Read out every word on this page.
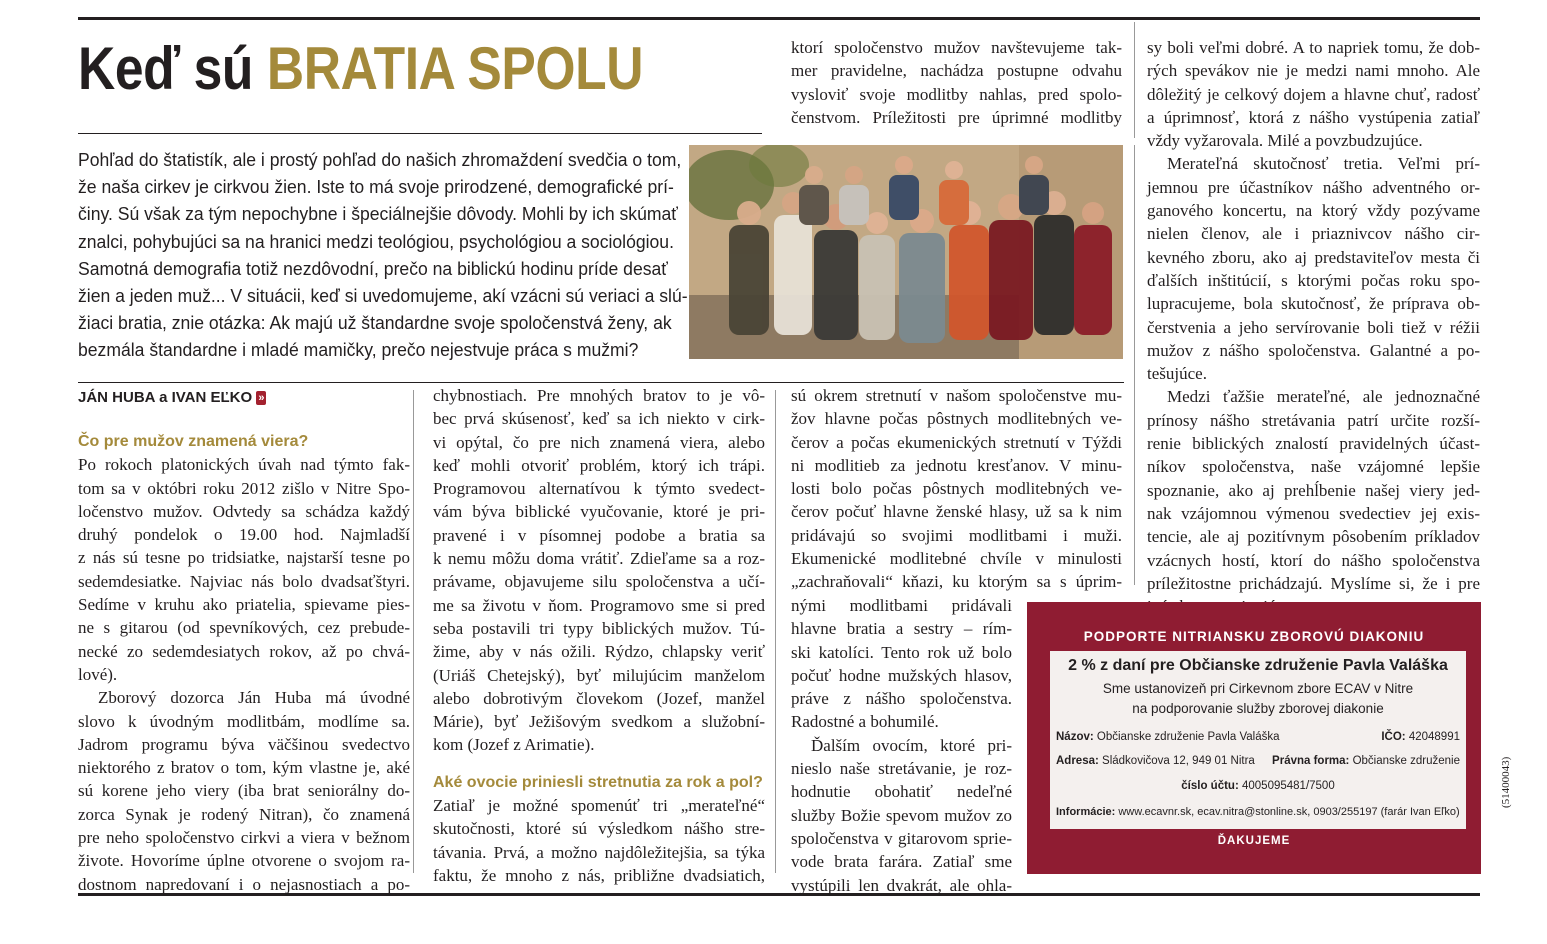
Keď sú BRATIA SPOLU
Pohľad do štatistík, ale i prostý pohľad do našich zhromaždení svedčia o tom,
že naša cirkev je cirkvou žien. Iste to má svoje prirodzené, demografické prí-
činy. Sú však za tým nepochybne i špeciálnejšie dôvody. Mohli by ich skúmať
znalci, pohybujúci sa na hranici medzi teológiou, psychológiou a sociológiou.
Samotná demografia totiž nezdôvodní, prečo na biblickú hodinu príde desať
žien a jeden muž... V situácii, keď si uvedomujeme, akí vzácni sú veriaci a slú-
žiaci bratia, znie otázka: Ak majú už štandardne svoje spoločenstvá ženy, ak
bezmála štandardne i mladé mamičky, prečo nejestvuje práca s mužmi?
ktorí spoločenstvo mužov navštevujeme tak-
mer pravidelne, nachádza postupne odvahu
vysloviť svoje modlitby nahlas, pred spolo-
čenstvom. Príležitosti pre úprimné modlitby
sy boli veľmi dobré. A to napriek tomu, že dob-
rých spevákov nie je medzi nami mnoho. Ale
dôležitý je celkový dojem a hlavne chuť, radosť
a úprimnosť, ktorá z nášho vystúpenia zatiaľ
vždy vyžarovala. Milé a povzbudzujúce.
Merateľná skutočnosť tretia. Veľmi prí-
jemnou pre účastníkov nášho adventného or-
ganového koncertu, na ktorý vždy pozývame
nielen členov, ale i priaznivcov nášho cir-
kevného zboru, ako aj predstaviteľov mesta či
ďalších inštitúcií, s ktorými počas roku spo-
lupracujeme, bola skutočnosť, že príprava ob-
čerstvenia a jeho servírovanie boli tiež v réžii
mužov z nášho spoločenstva. Galantné a po-
tešujúce.
Medzi ťažšie merateľné, ale jednoznačné
prínosy nášho stretávania patrí určite rozší-
renie biblických znalostí pravidelných účast-
níkov spoločenstva, naše vzájomné lepšie
spoznanie, ako aj prehĺbenie našej viery jed-
nak vzájomnou výmenou svedectiev jej exis-
tencie, ale aj pozitívnym pôsobením príkladov
vzácnych hostí, ktorí do nášho spoločenstva
príležitostne prichádzajú. Myslíme si, že i pre
JÁN HUBA a IVAN EĽKO »
Čo pre mužov znamená viera?
Po rokoch platonických úvah nad týmto fak-
tom sa v októbri roku 2012 zišlo v Nitre Spo-
ločenstvo mužov. Odvtedy sa schádza každý
druhý pondelok o 19.00 hod. Najmladší
z nás sú tesne po tridsiatke, najstarší tesne po
sedemdesiatke. Najviac nás bolo dvadsaťštyri.
Sedíme v kruhu ako priatelia, spievame pies-
ne s gitarou (od spevníkových, cez prebude-
necké zo sedemdesiatych rokov, až po chvá-
lové).
Zborový dozorca Ján Huba má úvodné
slovo k úvodným modlitbám, modlíme sa.
Jadrom programu býva väčšinou svedectvo
niektorého z bratov o tom, kým vlastne je, aké
sú korene jeho viery (iba brat seniorálny do-
zorca Synak je rodený Nitran), čo znamená
pre neho spoločenstvo cirkvi a viera v bežnom
živote. Hovoríme úplne otvorene o svojom ra-
dostnom napredovaní i o nejasnostiach a po-
chybnostiach. Pre mnohých bratov to je vô-
bec prvá skúsenosť, keď sa ich niekto v cirk-
vi opýtal, čo pre nich znamená viera, alebo
keď mohli otvoriť problém, ktorý ich trápi.
Programovou alternatívou k týmto svedect-
vám býva biblické vyučovanie, ktoré je pri-
pravené i v písomnej podobe a bratia sa
k nemu môžu doma vrátiť. Zdieľame sa a roz-
právame, objavujeme silu spoločenstva a učí-
me sa životu v ňom. Programovo sme si pred
seba postavili tri typy biblických mužov. Tú-
žime, aby v nás ožili. Rýdzo, chlapsky veriť
(Uriáš Chetejský), byť milujúcim manželom
alebo dobrotivým človekom (Jozef, manžel
Márie), byť Ježišovým svedkom a služobní-
kom (Jozef z Arimatie).
Aké ovocie priniesli stretnutia za rok a pol?
Zatiaľ je možné spomenúť tri „merateľné“
skutočnosti, ktoré sú výsledkom nášho stre-
távania. Prvá, a možno najdôležitejšia, sa týka
faktu, že mnoho z nás, približne dvadsiatich,
sú okrem stretnutí v našom spoločenstve mu-
žov hlavne počas pôstnych modlitebných ve-
čerov a počas ekumenických stretnutí v Týždi
ni modlitieb za jednotu kresťanov. V minu-
losti bolo počas pôstnych modlitebných ve-
čerov počuť hlavne ženské hlasy, už sa k nim
pridávajú so svojimi modlitbami i muži.
Ekumenické modlitebné chvíle v minulosti
„zachraňovali“ kňazi, ku ktorým sa s úprim-
nými modlitbami pridávali
hlavne bratia a sestry – rím-
ski katolíci. Tento rok už bolo
počuť hodne mužských hlasov,
práve z nášho spoločenstva.
Radostné a bohumilé.
Ďalším ovocím, ktoré pri-
nieslo naše stretávanie, je roz-
hodnutie obohatiť nedeľné
služby Božie spevom mužov zo
spoločenstva v gitarovom sprie-
vode brata farára. Zatiaľ sme
vystúpili len dvakrát, ale ohla-
PODPORTE NITRIANSKU ZBOROVÚ DIAKONIU
2 % z daní pre Občianske združenie Pavla Valáška
Sme ustanovizeň pri Cirkevnom zbore ECAV v Nitre
na podporovanie služby zborovej diakonie
Názov: Občianske združenie Pavla Valáška	IČO: 42048991
Adresa: Sládkovičova 12, 949 01 Nitra Právna forma: Občianske združenie
číslo účtu: 4005095481/7500
Informácie: www.ecavnr.sk, ecav.nitra@stonline.sk, 0903/255197 (farár Ivan Eľko)
ĎAKUJEME
(51400043)
